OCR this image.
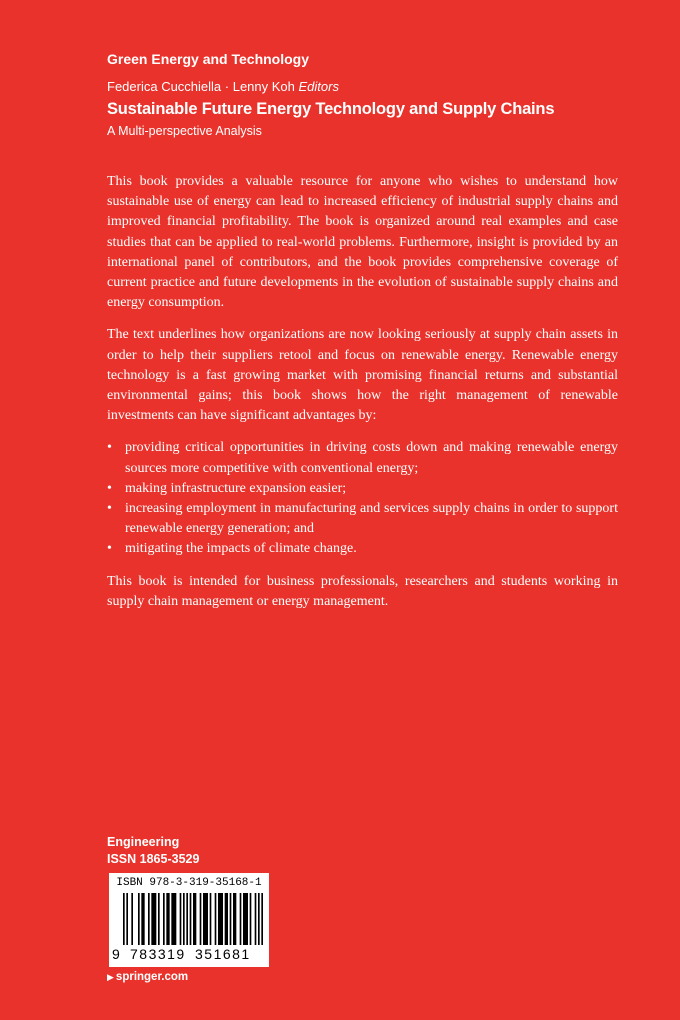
Green Energy and Technology
Federica Cucchiella · Lenny Koh Editors
Sustainable Future Energy Technology and Supply Chains
A Multi-perspective Analysis

This book provides a valuable resource for anyone who wishes to understand how sustainable use of energy can lead to increased efficiency of industrial supply chains and improved financial profitability. The book is organized around real examples and case studies that can be applied to real-world problems. Furthermore, insight is provided by an international panel of contributors, and the book provides comprehensive coverage of current practice and future developments in the evolution of sustainable supply chains and energy consumption.

The text underlines how organizations are now looking seriously at supply chain assets in order to help their suppliers retool and focus on renewable energy. Renewable energy technology is a fast growing market with promising financial returns and substantial environmental gains; this book shows how the right management of renewable investments can have significant advantages by:

• providing critical opportunities in driving costs down and making renewable energy sources more competitive with conventional energy;
• making infrastructure expansion easier;
• increasing employment in manufacturing and services supply chains in order to support renewable energy generation; and
• mitigating the impacts of climate change.

This book is intended for business professionals, researchers and students working in supply chain management or energy management.

Engineering
ISSN 1865-3529
ISBN 978-3-319-35168-1
9 783319 351681
▶ springer.com
